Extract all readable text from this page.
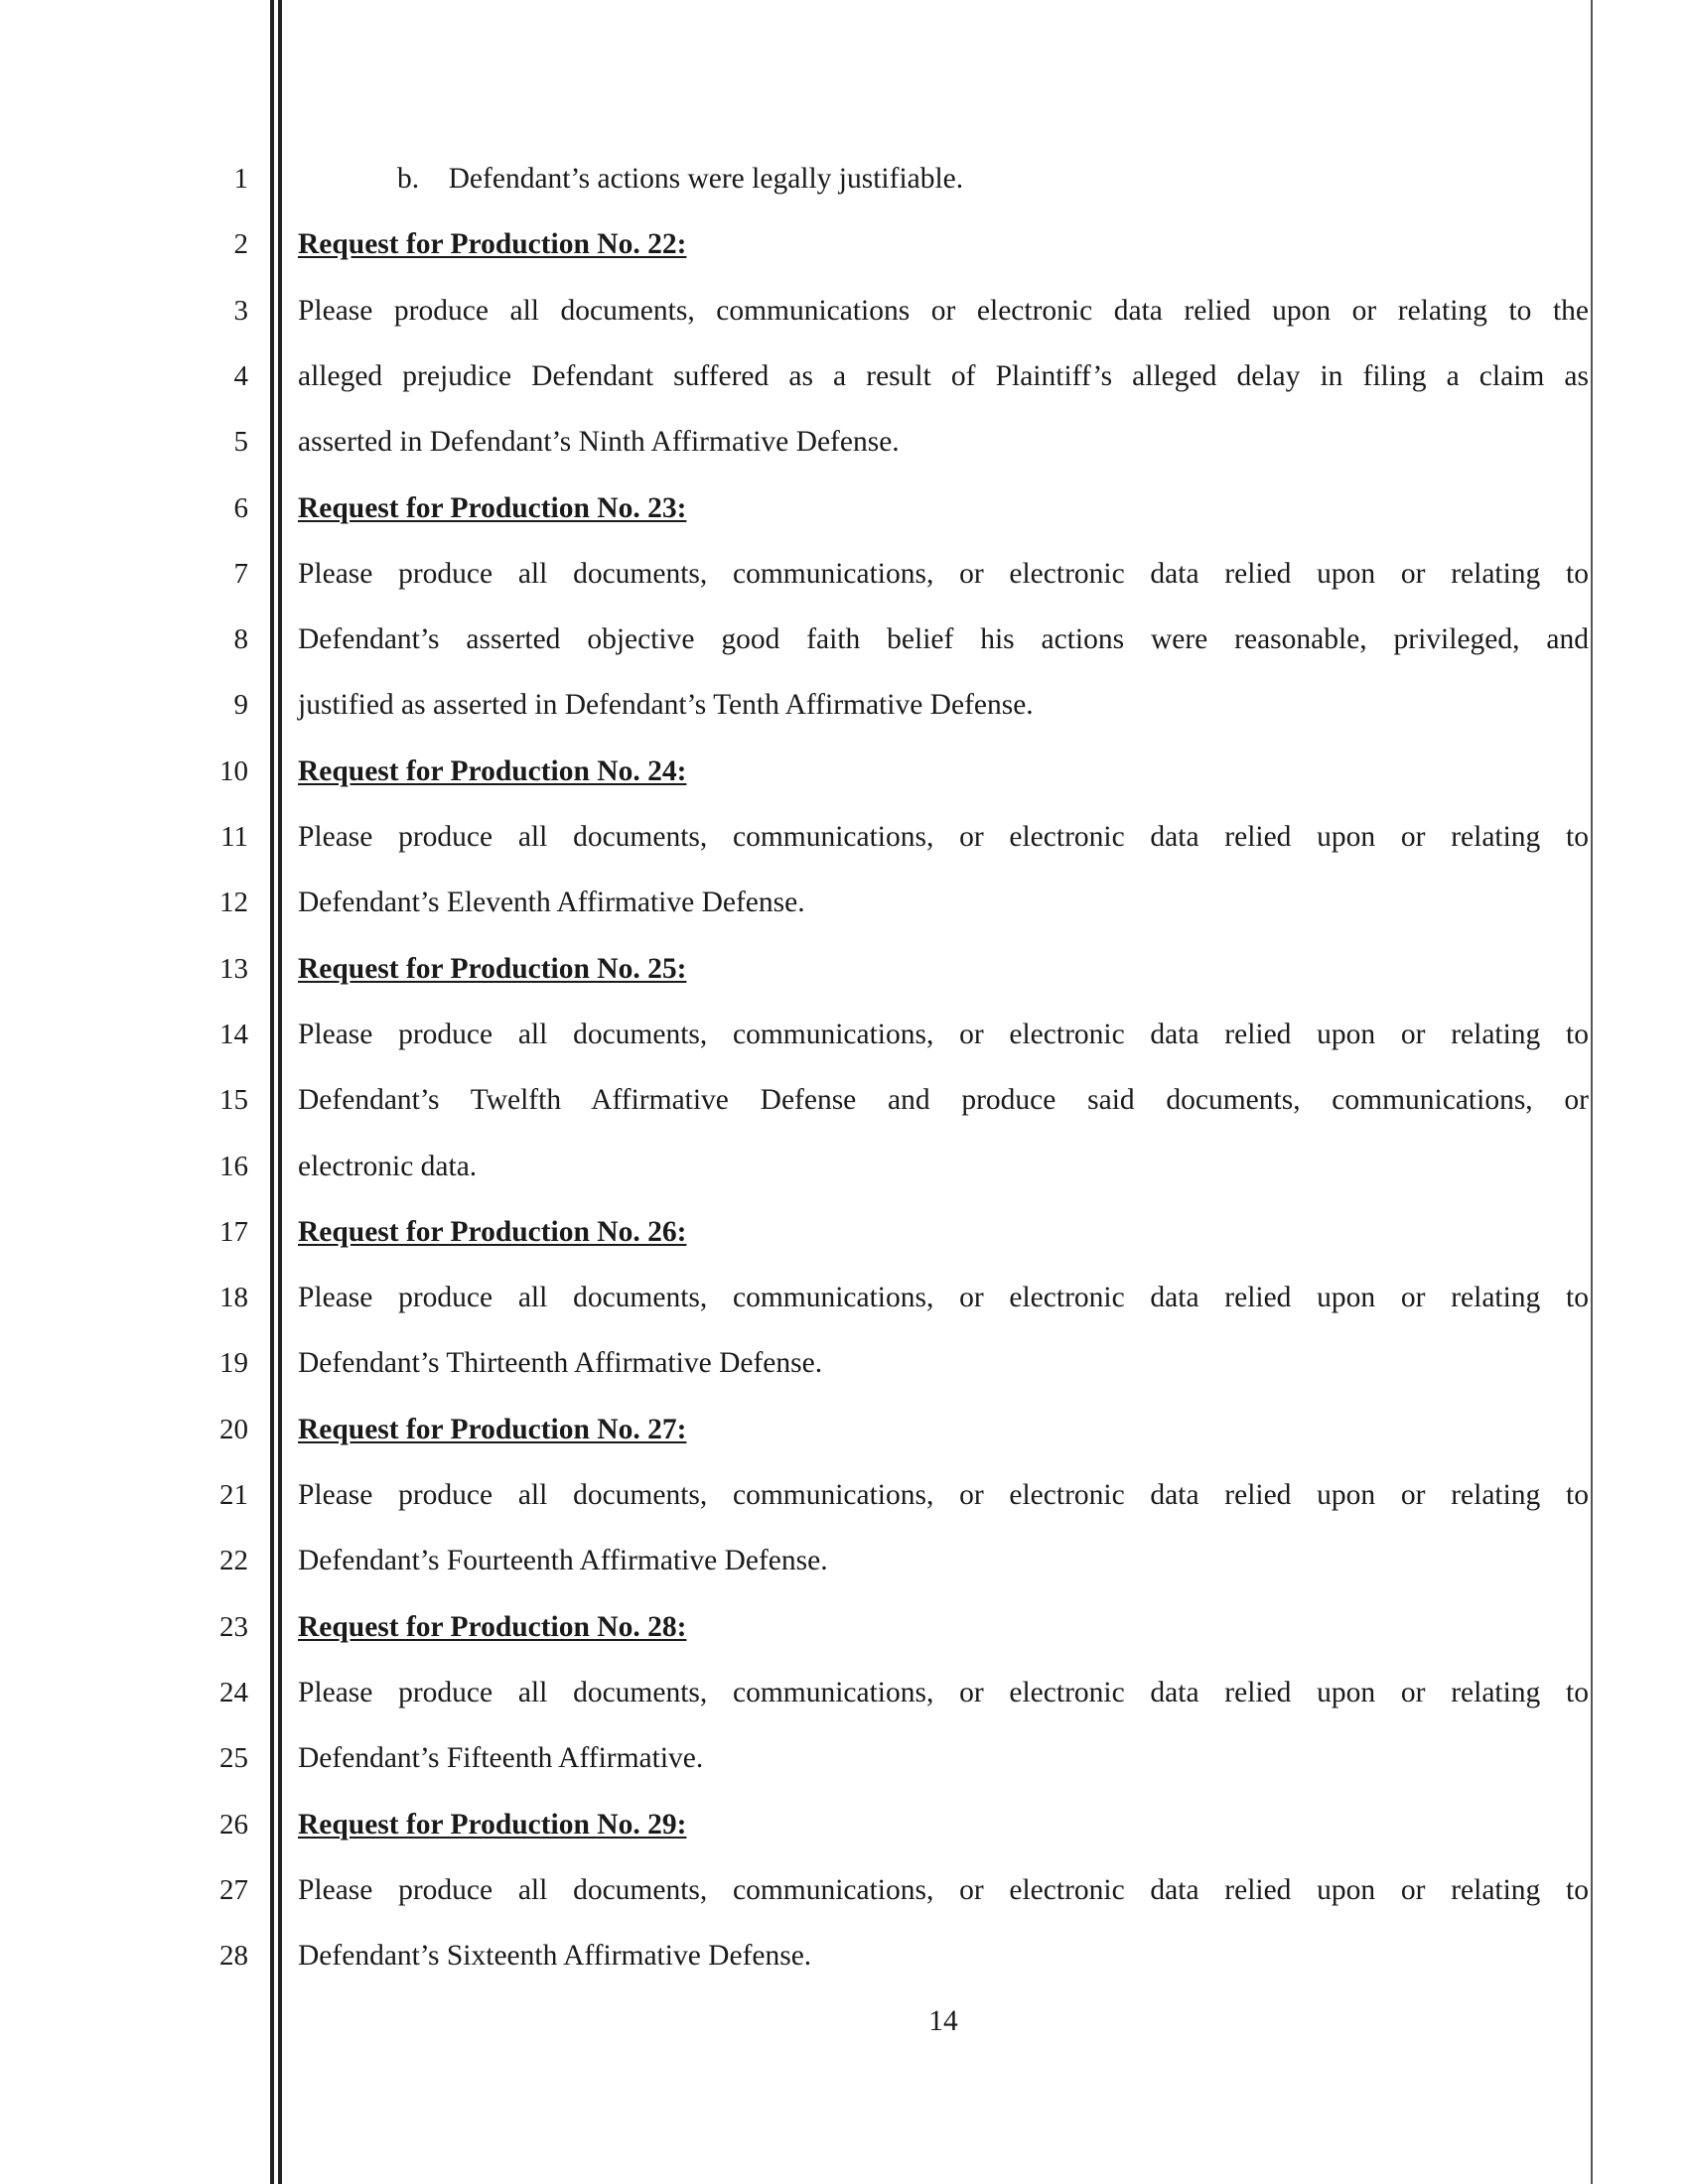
1
2
3
4
5
6
7
8
9
10
11
12
13
14
15
16
17
18
19
20
21
22
23
24
25
26
27
28
b. Defendant’s actions were legally justifiable.
Request for Production No. 22:
Please produce all documents, communications or electronic data relied upon or relating to the
alleged prejudice Defendant suffered as a result of Plaintiff’s alleged delay in filing a claim as
asserted in Defendant’s Ninth Affirmative Defense.
Request for Production No. 23:
Please produce all documents, communications, or electronic data relied upon or relating to
Defendant’s asserted objective good faith belief his actions were reasonable, privileged, and
justified as asserted in Defendant’s Tenth Affirmative Defense.
Request for Production No. 24:
Please produce all documents, communications, or electronic data relied upon or relating to
Defendant’s Eleventh Affirmative Defense.
Request for Production No. 25:
Please produce all documents, communications, or electronic data relied upon or relating to
Defendant’s Twelfth Affirmative Defense and produce said documents, communications, or
electronic data.
Request for Production No. 26:
Please produce all documents, communications, or electronic data relied upon or relating to
Defendant’s Thirteenth Affirmative Defense.
Request for Production No. 27:
Please produce all documents, communications, or electronic data relied upon or relating to
Defendant’s Fourteenth Affirmative Defense.
Request for Production No. 28:
Please produce all documents, communications, or electronic data relied upon or relating to
Defendant’s Fifteenth Affirmative.
Request for Production No. 29:
Please produce all documents, communications, or electronic data relied upon or relating to
Defendant’s Sixteenth Affirmative Defense.
14
